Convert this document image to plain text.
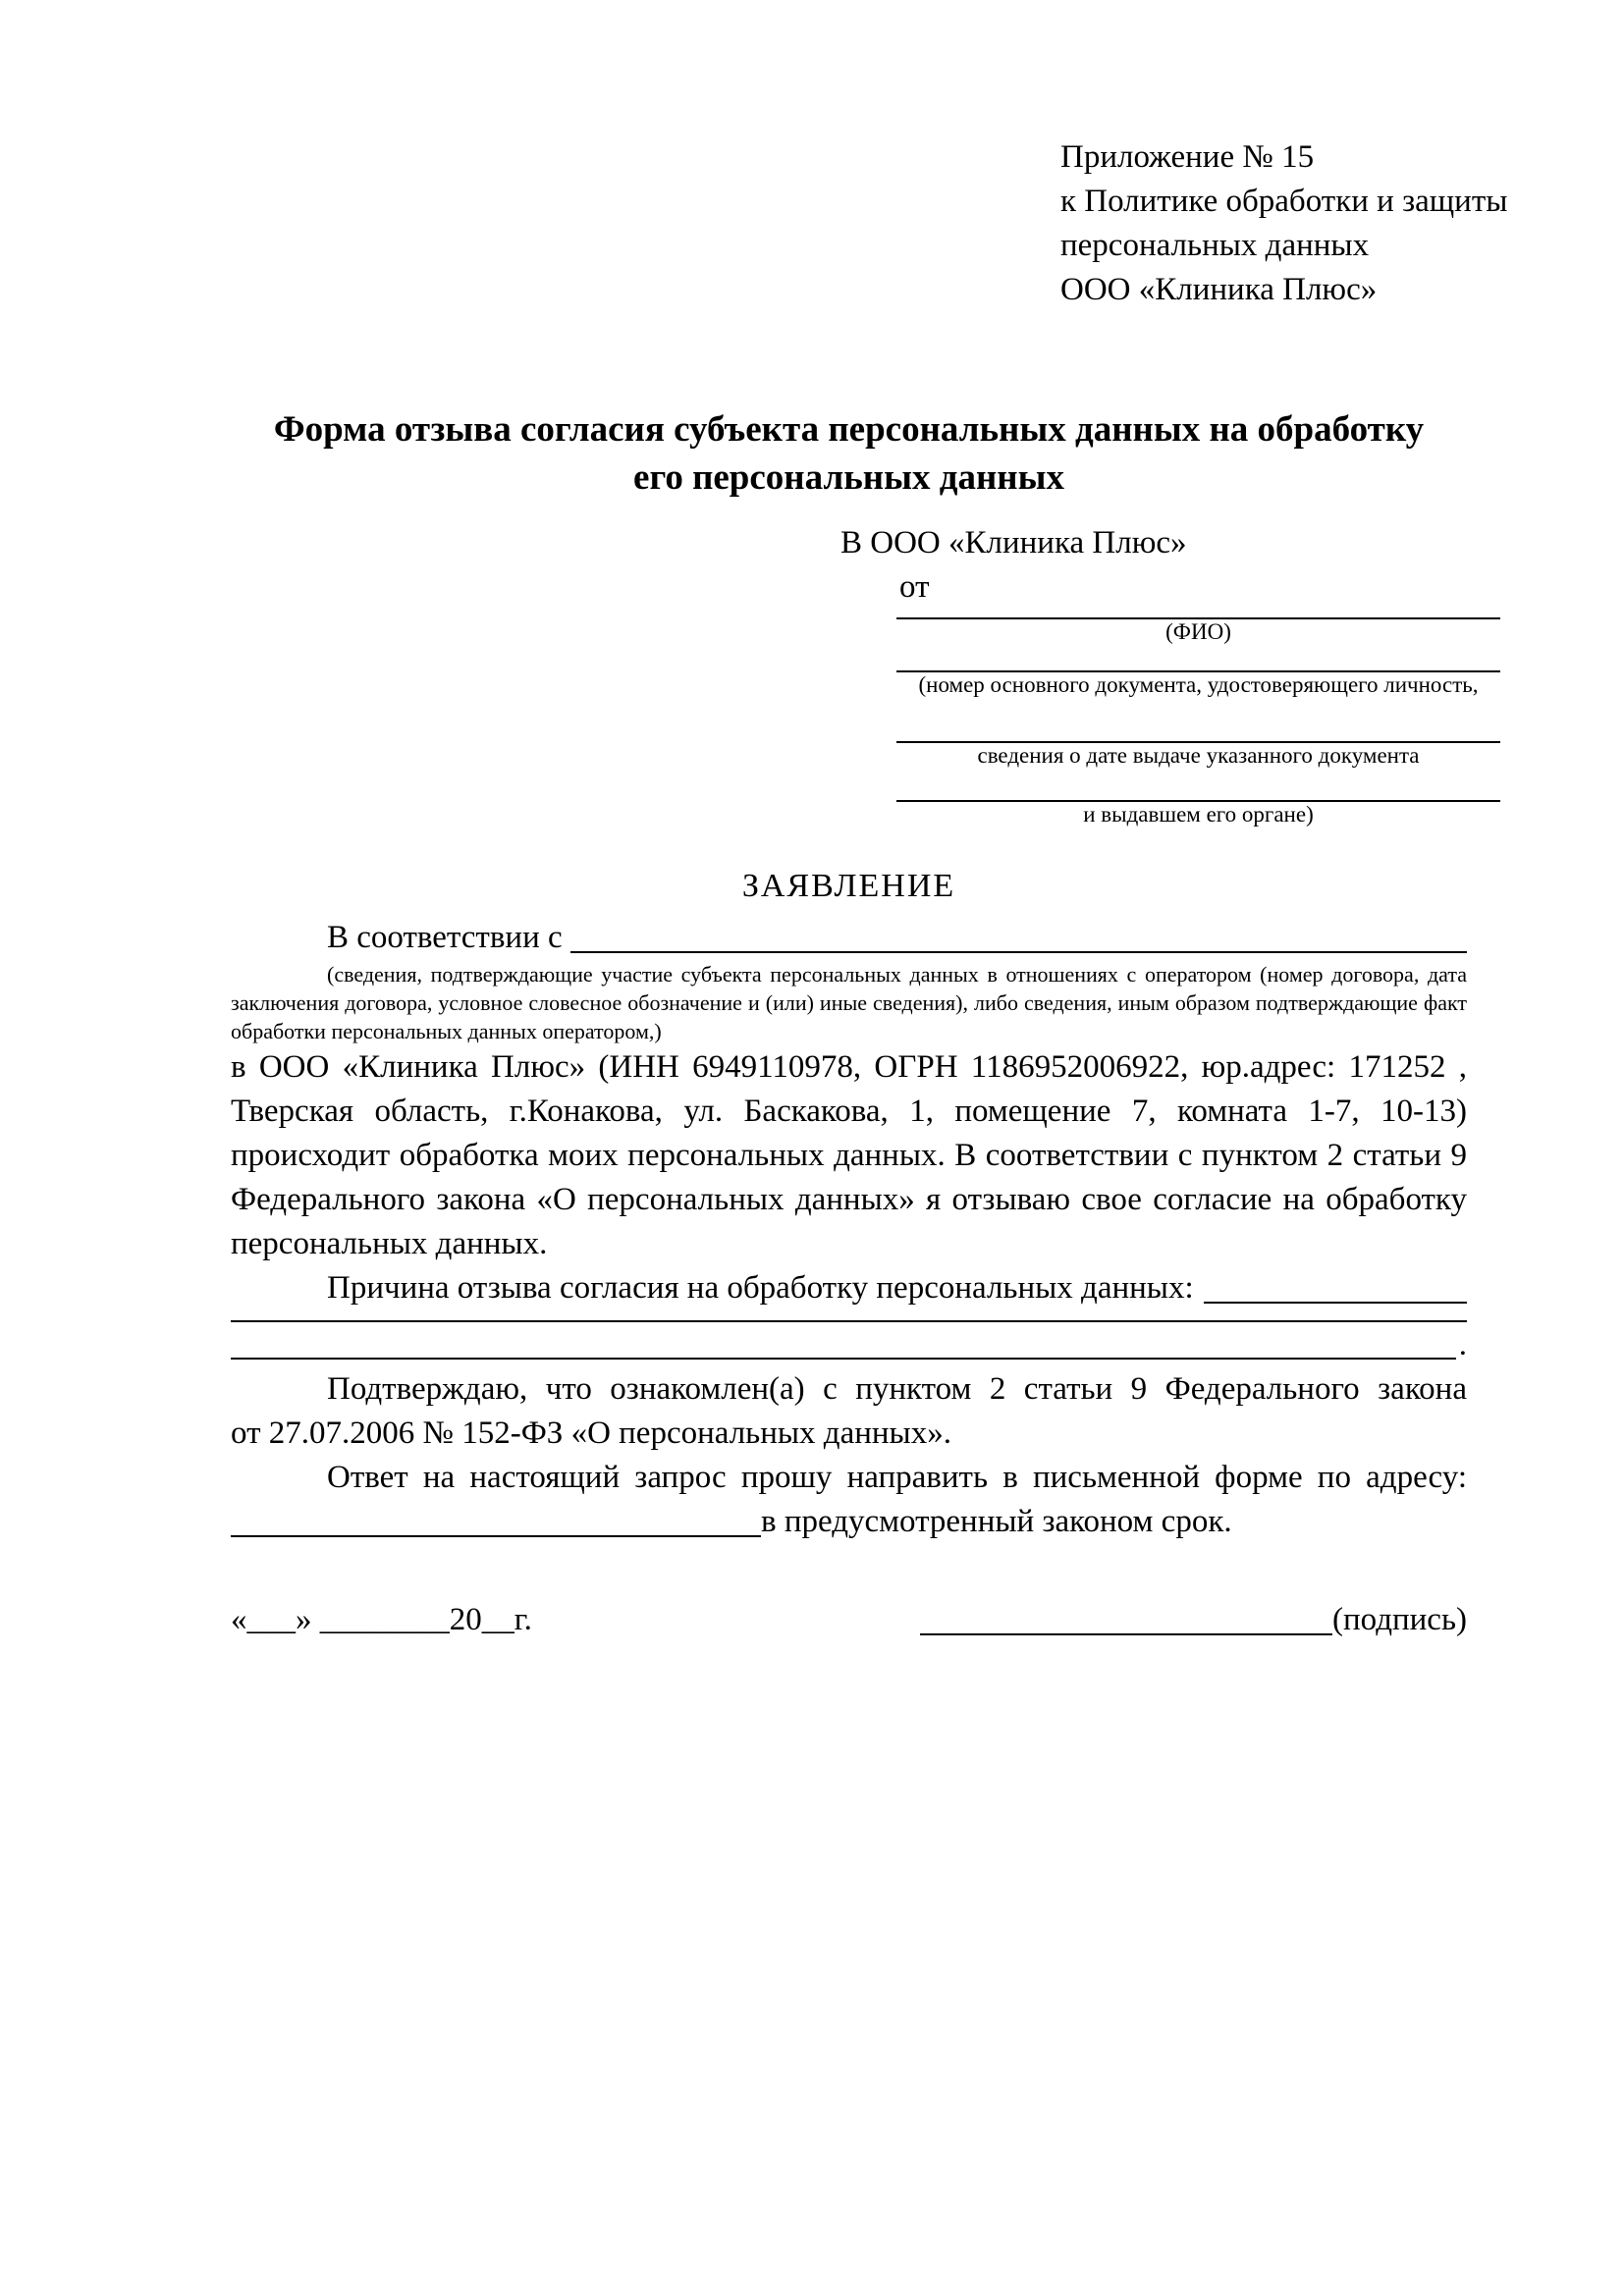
Приложение № 15
к Политике обработки и защиты
персональных данных
ООО «Клиника Плюс»
Форма отзыва согласия субъекта персональных данных на обработку
его персональных данных
В ООО «Клиника Плюс»
от
(ФИО)
(номер основного документа, удостоверяющего личность,
сведения о дате выдаче указанного документа
и выдавшем его органе)
ЗАЯВЛЕНИЕ
В соответствии с
(сведения, подтверждающие участие субъекта персональных данных в отношениях с оператором (номер договора, дата
заключения договора, условное словесное обозначение и (или) иные сведения), либо сведения, иным образом подтверждающие факт
обработки персональных данных оператором,)
в ООО «Клиника Плюс» (ИНН 6949110978, ОГРН 1186952006922, юр.адрес: 171252 ,
Тверская область, г.Конакова, ул. Баскакова, 1, помещение 7, комната 1-7, 10-13)
происходит обработка моих персональных данных. В соответствии с пунктом 2 статьи 9
Федерального закона «О персональных данных» я отзываю свое согласие на обработку
персональных данных.
Причина отзыва согласия на обработку персональных данных:
.
Подтверждаю, что ознакомлен(а) с пунктом 2 статьи 9 Федерального закона
от 27.07.2006 № 152-ФЗ «О персональных данных».
Ответ на настоящий запрос прошу направить в письменной форме по адресу:
в предусмотренный законом срок.
«___» ________20__г.	(подпись)
